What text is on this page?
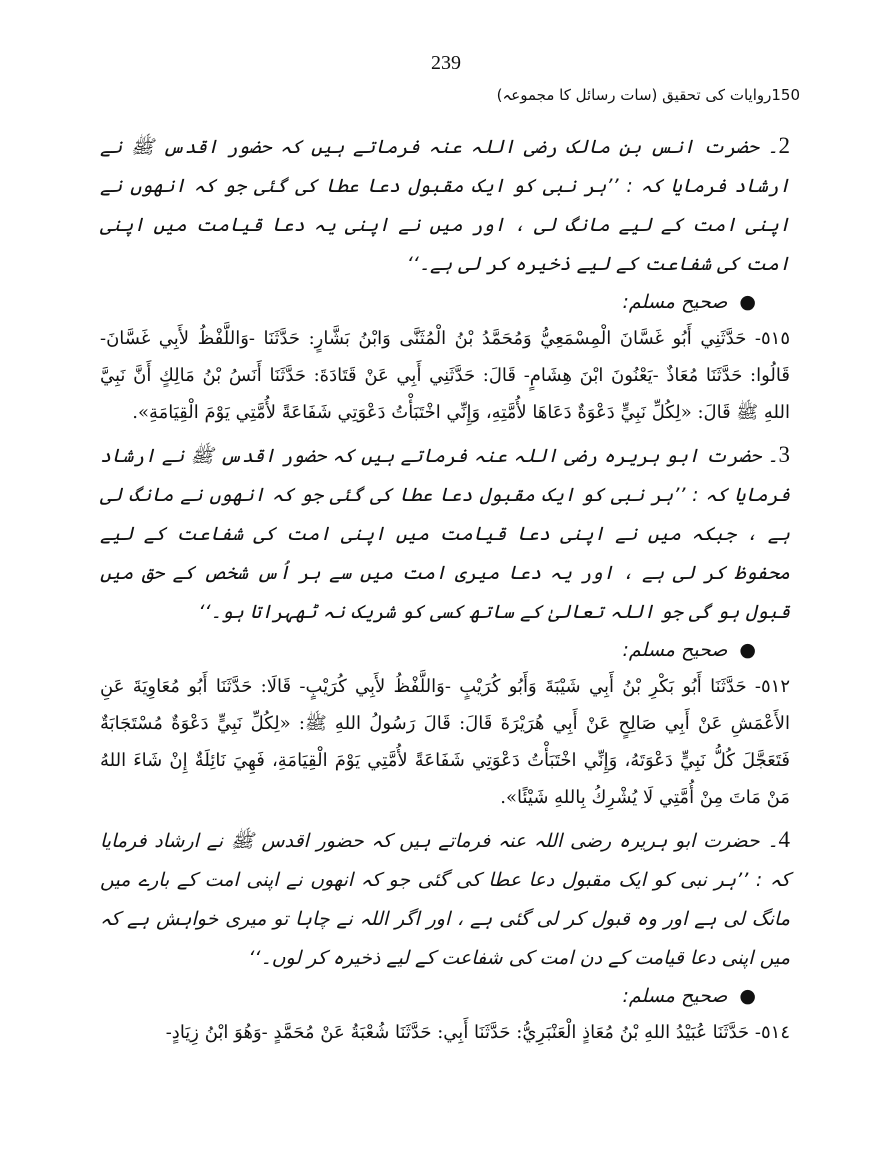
239
150روایات کی تحقیق (سات رسائل کا مجموعہ)

2۔ حضرت انس بن مالک رضی اللہ عنہ فرماتے ہیں کہ حضور اقدس ﷺ نے ارشاد فرمایا کہ : ’’ہر نبی کو ایک مقبول دعا عطا کی گئی جو کہ انھوں نے اپنی امت کے لیے مانگ لی ، اور میں نے اپنی یہ دعا قیامت میں اپنی امت کی شفاعت کے لیے ذخیرہ کر لی ہے۔‘‘

●صحیح مسلم:

٥١٥- حَدَّثَنِي أَبُو غَسَّانَ الْمِسْمَعِيُّ وَمُحَمَّدُ بْنُ الْمُثَنَّى وَابْنُ بَشَّارٍ: حَدَّثَنَا -وَاللَّفْظُ لأَبِي غَسَّانَ- قَالُوا: حَدَّثَنَا مُعَاذٌ -يَعْنُونَ ابْنَ هِشَامٍ- قَالَ: حَدَّثَنِي أَبِي عَنْ قَتَادَةَ: حَدَّثَنَا أَنَسُ بْنُ مَالِكٍ أَنَّ نَبِيَّ اللهِ ﷺ قَالَ: «لِكُلِّ نَبِيٍّ دَعْوَةٌ دَعَاهَا لأُمَّتِهِ، وَإِنِّي اخْتَبَأْتُ دَعْوَتِي شَفَاعَةً لأُمَّتِي يَوْمَ الْقِيَامَةِ».

3۔ حضرت ابو ہریرہ رضی اللہ عنہ فرماتے ہیں کہ حضور اقدس ﷺ نے ارشاد فرمایا کہ : ’’ہر نبی کو ایک مقبول دعا عطا کی گئی جو کہ انھوں نے مانگ لی ہے ، جبکہ میں نے اپنی دعا قیامت میں اپنی امت کی شفاعت کے لیے محفوظ کر لی ہے ، اور یہ دعا میری امت میں سے ہر اُس شخص کے حق میں قبول ہو گی جو اللہ تعالیٰ کے ساتھ کسی کو شریک نہ ٹھہراتا ہو۔‘‘

●صحیح مسلم:

٥١٢- حَدَّثَنَا أَبُو بَكْرِ بْنُ أَبِي شَيْبَةَ وَأَبُو كُرَيْبٍ -وَاللَّفْظُ لأَبِي كُرَيْبٍ- قَالَا: حَدَّثَنَا أَبُو مُعَاوِيَةَ عَنِ الأَعْمَشِ عَنْ أَبِي صَالِحٍ عَنْ أَبِي هُرَيْرَةَ قَالَ: قَالَ رَسُولُ اللهِ ﷺ: «لِكُلِّ نَبِيٍّ دَعْوَةٌ مُسْتَجَابَةٌ فَتَعَجَّلَ كُلُّ نَبِيٍّ دَعْوَتَهُ، وَإِنِّي اخْتَبَأْتُ دَعْوَتِي شَفَاعَةً لأُمَّتِي يَوْمَ الْقِيَامَةِ، فَهِيَ نَائِلَةٌ إِنْ شَاءَ اللهُ مَنْ مَاتَ مِنْ أُمَّتِي لَا يُشْرِكُ بِاللهِ شَيْئًا».

4۔ حضرت ابو ہریرہ رضی اللہ عنہ فرماتے ہیں کہ حضور اقدس ﷺ نے ارشاد فرمایا کہ : ’’ہر نبی کو ایک مقبول دعا عطا کی گئی جو کہ انھوں نے اپنی امت کے بارے میں مانگ لی ہے اور وہ قبول کر لی گئی ہے ، اور اگر اللہ نے چاہا تو میری خواہش ہے کہ میں اپنی دعا قیامت کے دن امت کی شفاعت کے لیے ذخیرہ کر لوں۔‘‘

●صحیح مسلم:

٥١٤- حَدَّثَنَا عُبَيْدُ اللهِ بْنُ مُعَاذٍ الْعَنْبَرِيُّ: حَدَّثَنَا أَبِي: حَدَّثَنَا شُعْبَةُ عَنْ مُحَمَّدٍ -وَهُوَ ابْنُ زِيَادٍ-
